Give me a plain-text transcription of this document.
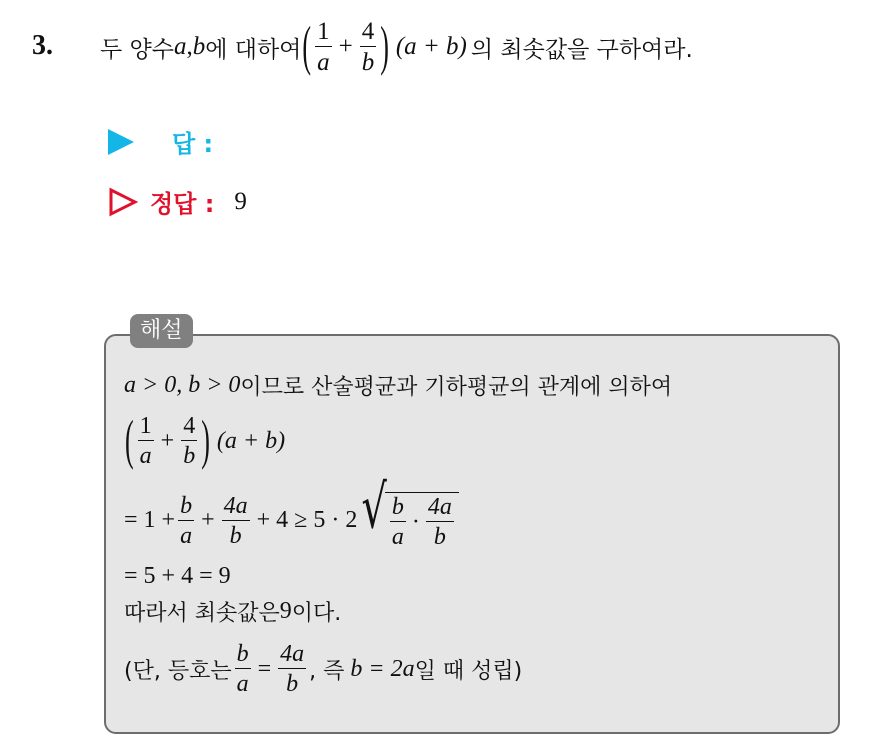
3. 두 양수 a , b 에 대하여 ( $\frac{1}{a} + \frac{4}{b}$ ) (a + b) 의 최솟값을 구하여라.
답 :
정답 : 9
해설
a > 0, b > 0 이므로 산술평균과 기하평균의 관계에 의하여
( $\frac{1}{a} + \frac{4}{b}$ ) (a + b)
= $1 + \frac{b}{a} + \frac{4a}{b} + 4 \ge 5 \cdot 2$ √ $\frac{b}{a} \cdot \frac{4a}{b}$
= 5 + 4 = 9
따라서 최솟값은 9 이다.
(단, 등호는 $\frac{b}{a} = \frac{4a}{b}$ , 즉 b = 2a 일 때 성립)
